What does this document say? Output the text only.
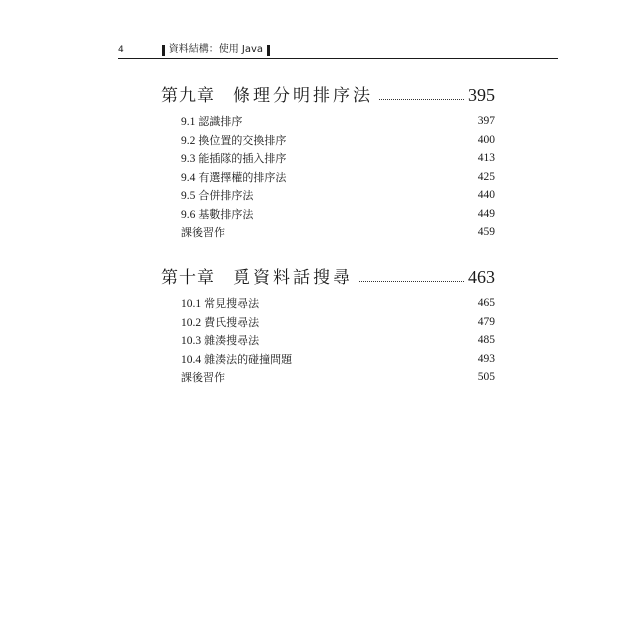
4	資料結構：使用 Java
第九章 條理分明排序法	395
9.1 認識排序	397
9.2 換位置的交換排序	400
9.3 能插隊的插入排序	413
9.4 有選擇權的排序法	425
9.5 合併排序法	440
9.6 基數排序法	449
課後習作	459
第十章 覓資料話搜尋	463
10.1 常見搜尋法	465
10.2 費氏搜尋法	479
10.3 雜湊搜尋法	485
10.4 雜湊法的碰撞問題	493
課後習作	505
